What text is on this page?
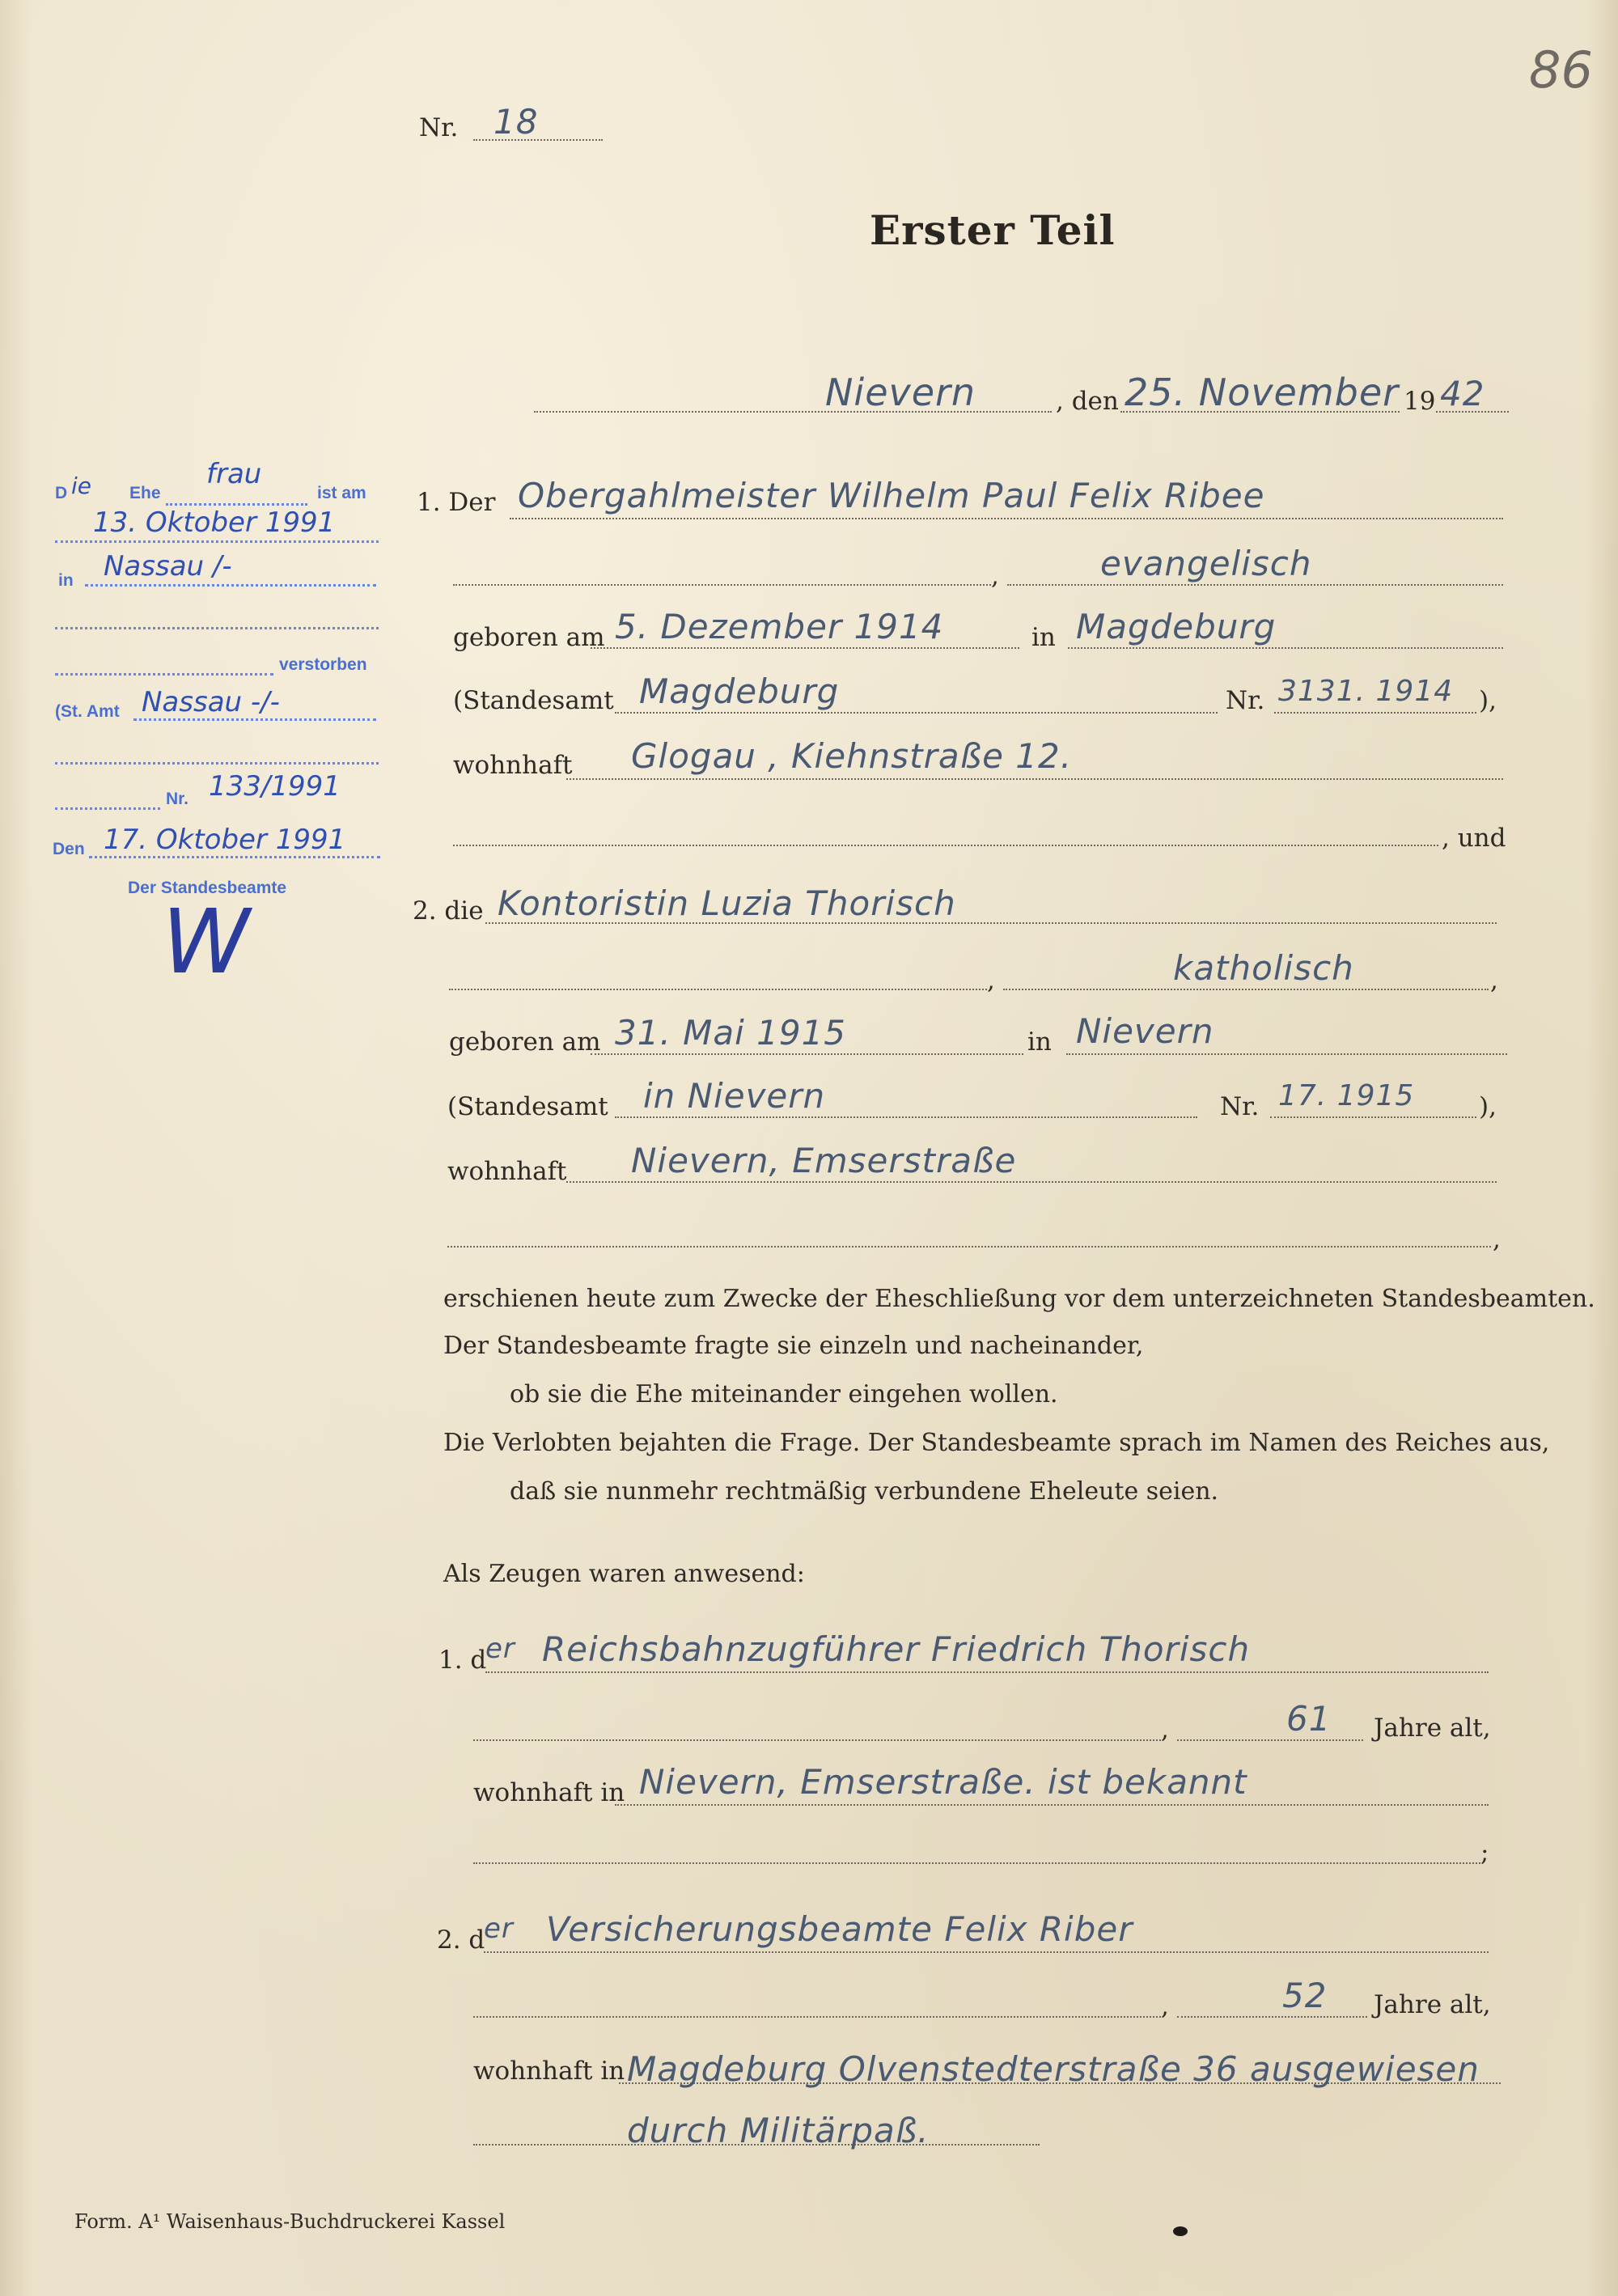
86
Nr. 18
Erster Teil
Nievern	, den 25. November 19 42
D ie Ehe
frau
ist am
13. Oktober 1991
in Nassau /-
verstorben
(St. Amt Nassau -/-
Nr. 133/1991
Den 17. Oktober 1991
Der Standesbeamte
W
1. Der Obergahlmeister Wilhelm Paul Felix Ribee
,	evangelisch
geboren am 5. Dezember 1914	in Magdeburg
(Standesamt Magdeburg	Nr. 3131. 1914 ),
wohnhaft Glogau , Kiehnstraße 12.
, und
2. die Kontoristin Luzia Thorisch
,	katholisch	,
geboren am 31. Mai 1915	in Nievern
(Standesamt in Nievern	Nr. 17. 1915	),
wohnhaft Nievern, Emserstraße
,
erschienen heute zum Zwecke der Eheschließung vor dem unterzeichneten Standesbeamten.
Der Standesbeamte fragte sie einzeln und nacheinander,
ob sie die Ehe miteinander eingehen wollen.
Die Verlobten bejahten die Frage. Der Standesbeamte sprach im Namen des Reiches aus,
daß sie nunmehr rechtmäßig verbundene Eheleute seien.
Als Zeugen waren anwesend:
1. d
er Reichsbahnzugführer Friedrich Thorisch
,	61 Jahre alt,
wohnhaft in Nievern, Emserstraße. ist bekannt
;
2. d
er Versicherungsbeamte Felix Riber
,	52 Jahre alt,
wohnhaft in Magdeburg Olvenstedterstraße 36 ausgewiesen durch Militärpaß.
Form. A¹ Waisenhaus-Buchdruckerei Kassel
